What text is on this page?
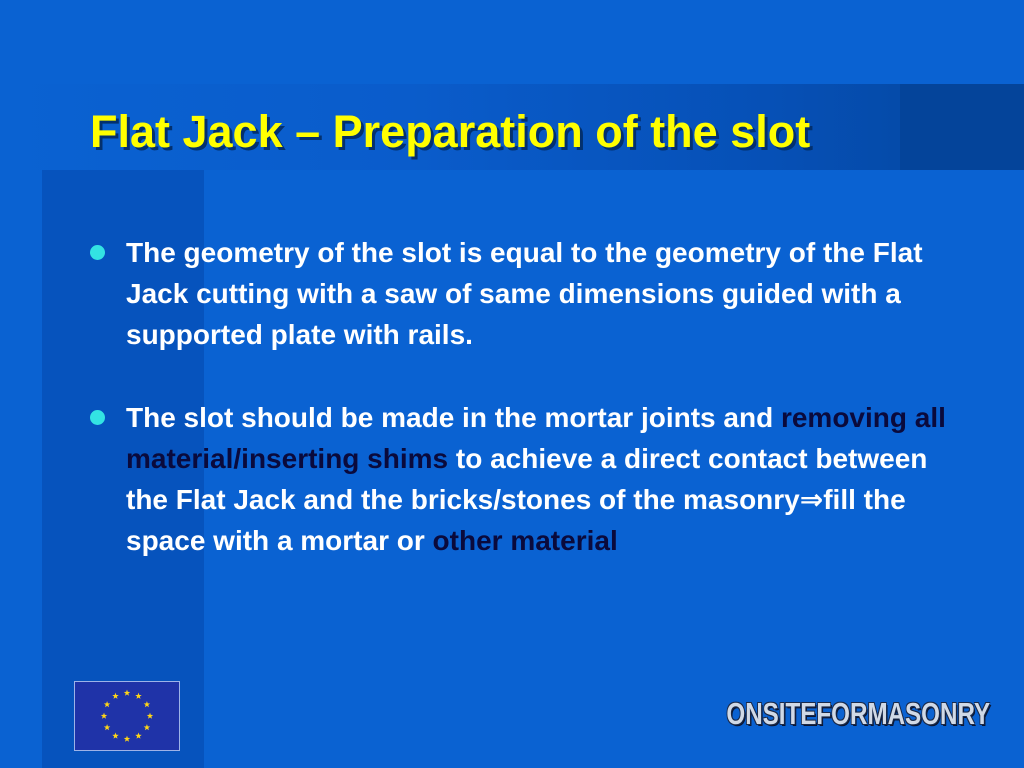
Flat Jack – Preparation of the slot
The geometry of the slot is equal to the geometry of the Flat Jack cutting with a saw of same dimensions guided with a supported plate with rails.
The slot should be made in the mortar joints and removing all material/inserting shims to achieve a direct contact between the Flat Jack and the bricks/stones of the masonry⇒fill the space with a mortar or other material
ONSITEFORMASONRY
